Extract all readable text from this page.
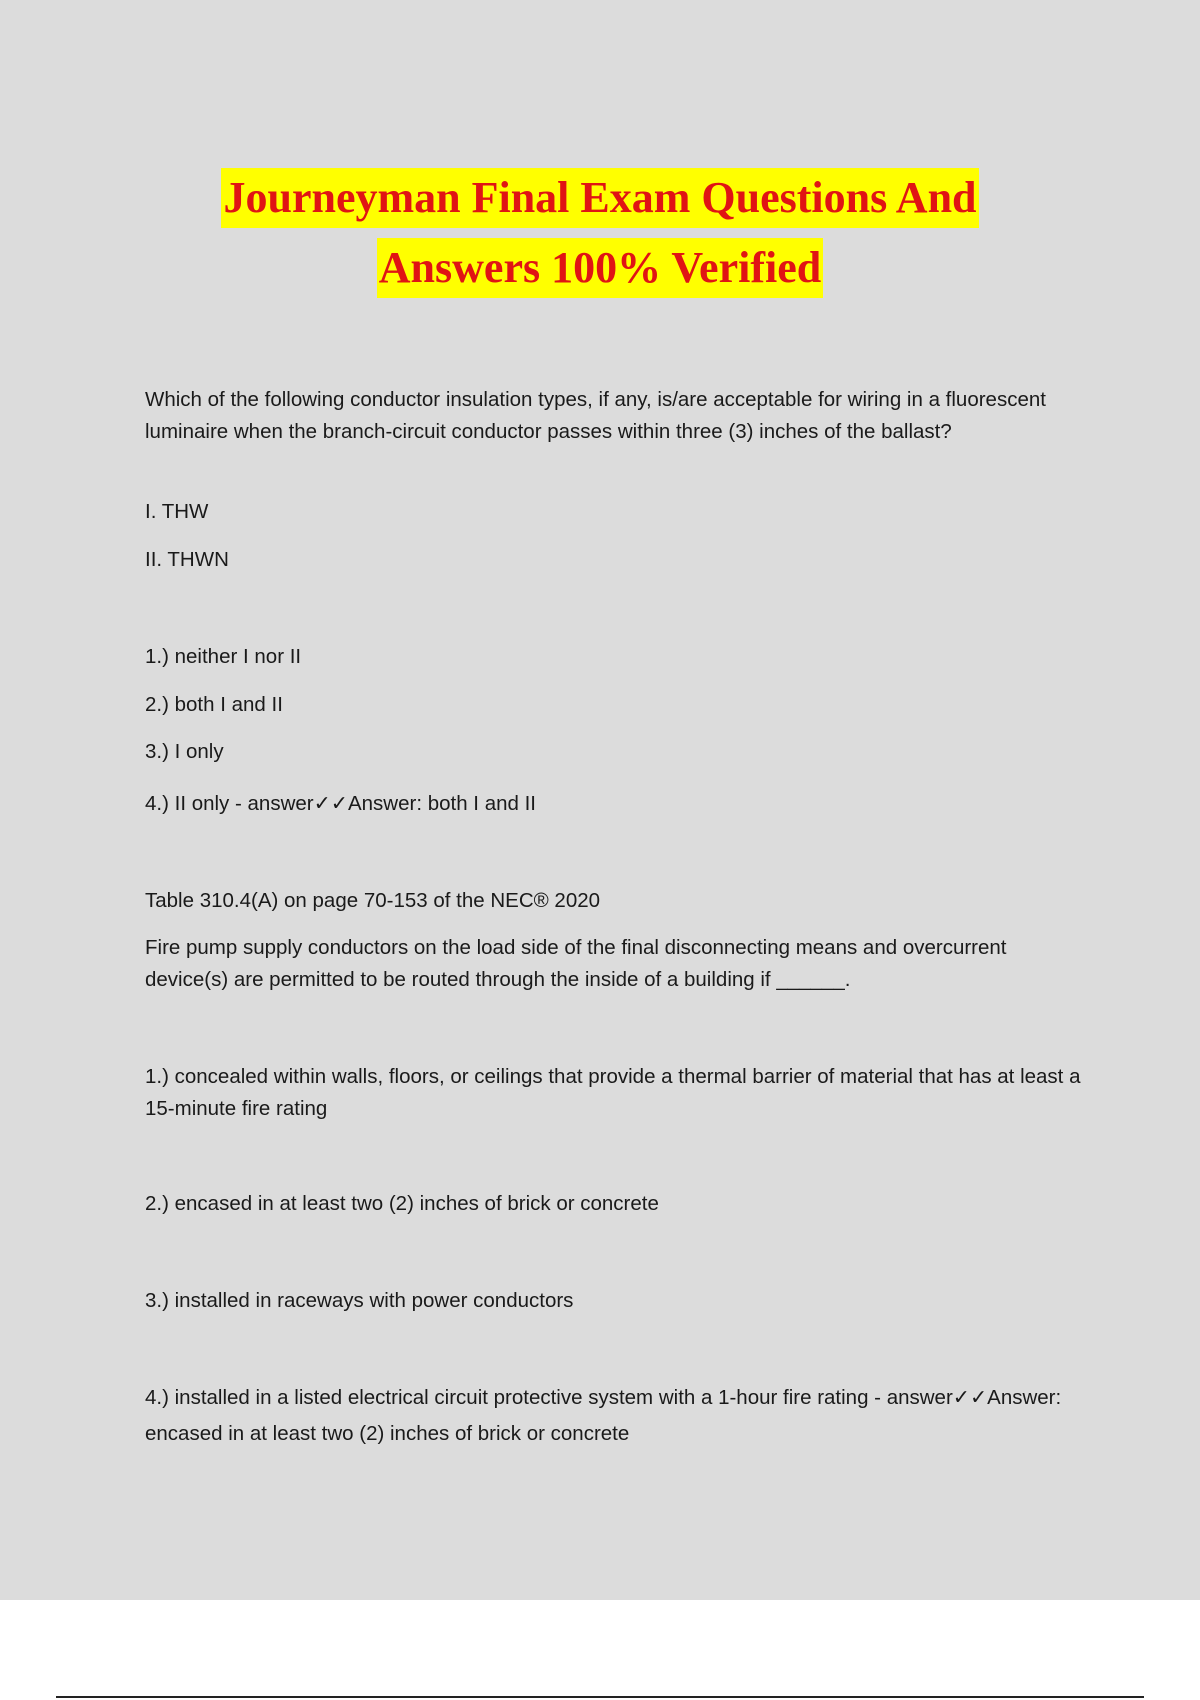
Journeyman Final Exam Questions And
Answers 100% Verified

Which of the following conductor insulation types, if any, is/are acceptable for wiring in a fluorescent luminaire when the branch-circuit conductor passes within three (3) inches of the ballast?

I. THW

II. THWN

1.) neither I nor II

2.) both I and II

3.) I only

4.) II only - answer✓✓Answer: both I and II

Table 310.4(A) on page 70-153 of the NEC® 2020

Fire pump supply conductors on the load side of the final disconnecting means and overcurrent device(s) are permitted to be routed through the inside of a building if ______.

1.) concealed within walls, floors, or ceilings that provide a thermal barrier of material that has at least a 15-minute fire rating

2.) encased in at least two (2) inches of brick or concrete

3.) installed in raceways with power conductors

4.) installed in a listed electrical circuit protective system with a 1-hour fire rating - answer✓✓Answer: encased in at least two (2) inches of brick or concrete
